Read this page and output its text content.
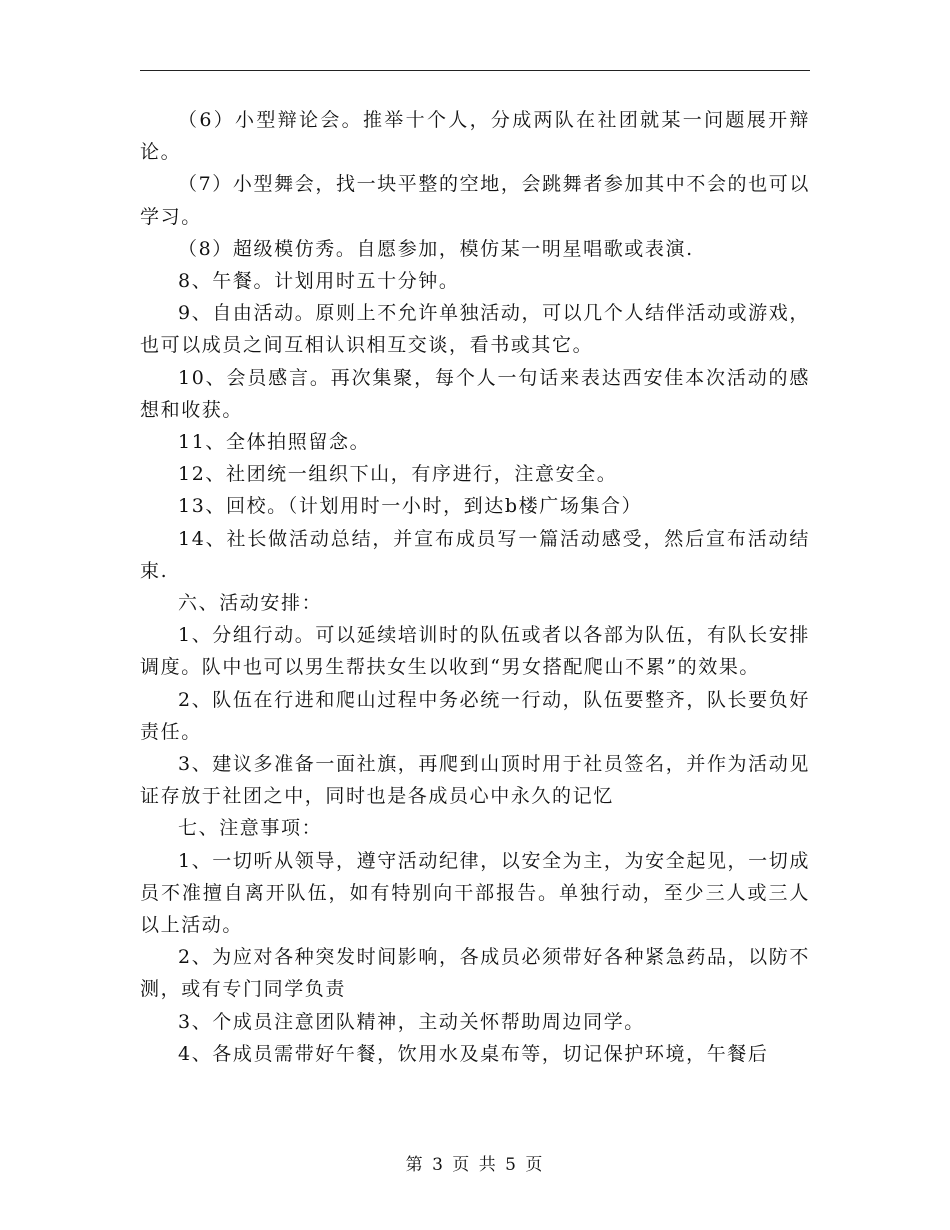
（6）小型辩论会。推举十个人，分成两队在社团就某一问题展开辩论。

（7）小型舞会，找一块平整的空地，会跳舞者参加其中不会的也可以学习。

（8）超级模仿秀。自愿参加，模仿某一明星唱歌或表演.

8、午餐。计划用时五十分钟。

9、自由活动。原则上不允许单独活动，可以几个人结伴活动或游戏，也可以成员之间互相认识相互交谈，看书或其它。

10、会员感言。再次集聚，每个人一句话来表达西安佳本次活动的感想和收获。

11、全体拍照留念。

12、社团统一组织下山，有序进行，注意安全。

13、回校。（计划用时一小时，到达b楼广场集合）

14、社长做活动总结，并宣布成员写一篇活动感受，然后宣布活动结束.

六、活动安排：

1、分组行动。可以延续培训时的队伍或者以各部为队伍，有队长安排调度。队中也可以男生帮扶女生以收到“男女搭配爬山不累”的效果。

2、队伍在行进和爬山过程中务必统一行动，队伍要整齐，队长要负好责任。

3、建议多准备一面社旗，再爬到山顶时用于社员签名，并作为活动见证存放于社团之中，同时也是各成员心中永久的记忆

七、注意事项：

1、一切听从领导，遵守活动纪律，以安全为主，为安全起见，一切成员不准擅自离开队伍，如有特别向干部报告。单独行动，至少三人或三人以上活动。

2、为应对各种突发时间影响，各成员必须带好各种紧急药品，以防不测，或有专门同学负责

3、个成员注意团队精神，主动关怀帮助周边同学。

4、各成员需带好午餐，饮用水及桌布等，切记保护环境，午餐后

第 3 页 共 5 页
